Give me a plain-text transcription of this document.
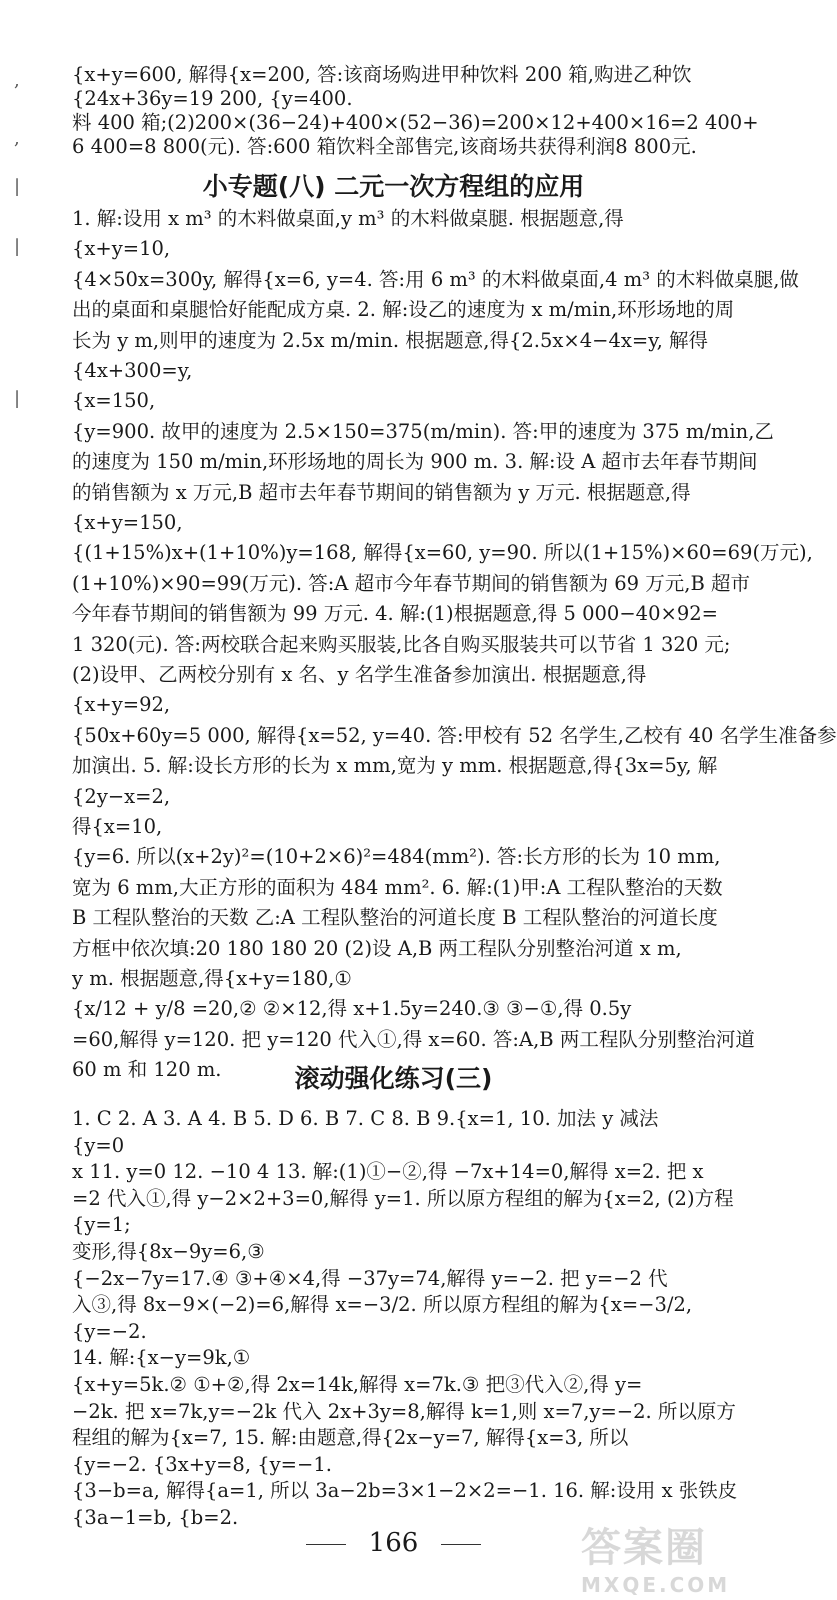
,
,
|
|
|
{x+y=600, 解得{x=200, 答:该商场购进甲种饮料 200 箱,购进乙种饮
{24x+36y=19 200, {y=400.
料 400 箱;(2)200×(36−24)+400×(52−36)=200×12+400×16=2 400+
6 400=8 800(元). 答:600 箱饮料全部售完,该商场共获得利润8 800元.
小专题(八) 二元一次方程组的应用
1. 解:设用 x m³ 的木料做桌面,y m³ 的木料做桌腿. 根据题意,得
{x+y=10,
{4×50x=300y, 解得{x=6, y=4. 答:用 6 m³ 的木料做桌面,4 m³ 的木料做桌腿,做
出的桌面和桌腿恰好能配成方桌. 2. 解:设乙的速度为 x m/min,环形场地的周
长为 y m,则甲的速度为 2.5x m/min. 根据题意,得{2.5x×4−4x=y, 解得
{4x+300=y,
{x=150,
{y=900. 故甲的速度为 2.5×150=375(m/min). 答:甲的速度为 375 m/min,乙
的速度为 150 m/min,环形场地的周长为 900 m. 3. 解:设 A 超市去年春节期间
的销售额为 x 万元,B 超市去年春节期间的销售额为 y 万元. 根据题意,得
{x+y=150,
{(1+15%)x+(1+10%)y=168, 解得{x=60, y=90. 所以(1+15%)×60=69(万元),
(1+10%)×90=99(万元). 答:A 超市今年春节期间的销售额为 69 万元,B 超市
今年春节期间的销售额为 99 万元. 4. 解:(1)根据题意,得 5 000−40×92=
1 320(元). 答:两校联合起来购买服装,比各自购买服装共可以节省 1 320 元;
(2)设甲、乙两校分别有 x 名、y 名学生准备参加演出. 根据题意,得
{x+y=92,
{50x+60y=5 000, 解得{x=52, y=40. 答:甲校有 52 名学生,乙校有 40 名学生准备参
加演出. 5. 解:设长方形的长为 x mm,宽为 y mm. 根据题意,得{3x=5y, 解
{2y−x=2,
得{x=10,
{y=6. 所以(x+2y)²=(10+2×6)²=484(mm²). 答:长方形的长为 10 mm,
宽为 6 mm,大正方形的面积为 484 mm². 6. 解:(1)甲:A 工程队整治的天数
B 工程队整治的天数 乙:A 工程队整治的河道长度 B 工程队整治的河道长度
方框中依次填:20 180 180 20 (2)设 A,B 两工程队分别整治河道 x m,
y m. 根据题意,得{x+y=180,①
{x/12 + y/8 =20,② ②×12,得 x+1.5y=240.③ ③−①,得 0.5y
=60,解得 y=120. 把 y=120 代入①,得 x=60. 答:A,B 两工程队分别整治河道
60 m 和 120 m.	滚动强化练习(三)
1. C 2. A 3. A 4. B 5. D 6. B 7. C 8. B 9.{x=1, 10. 加法 y 减法
{y=0
x 11. y=0 12. −10 4 13. 解:(1)①−②,得 −7x+14=0,解得 x=2. 把 x
=2 代入①,得 y−2×2+3=0,解得 y=1. 所以原方程组的解为{x=2, (2)方程
{y=1;
变形,得{8x−9y=6,③
{−2x−7y=17.④ ③+④×4,得 −37y=74,解得 y=−2. 把 y=−2 代
入③,得 8x−9×(−2)=6,解得 x=−3/2. 所以原方程组的解为{x=−3/2,
{y=−2.
14. 解:{x−y=9k,①
{x+y=5k.② ①+②,得 2x=14k,解得 x=7k.③ 把③代入②,得 y=
−2k. 把 x=7k,y=−2k 代入 2x+3y=8,解得 k=1,则 x=7,y=−2. 所以原方
程组的解为{x=7, 15. 解:由题意,得{2x−y=7, 解得{x=3, 所以
{y=−2. {3x+y=8, {y=−1.
{3−b=a, 解得{a=1, 所以 3a−2b=3×1−2×2=−1. 16. 解:设用 x 张铁皮
{3a−1=b, {b=2.
166	答案圈
MXQE.COM
